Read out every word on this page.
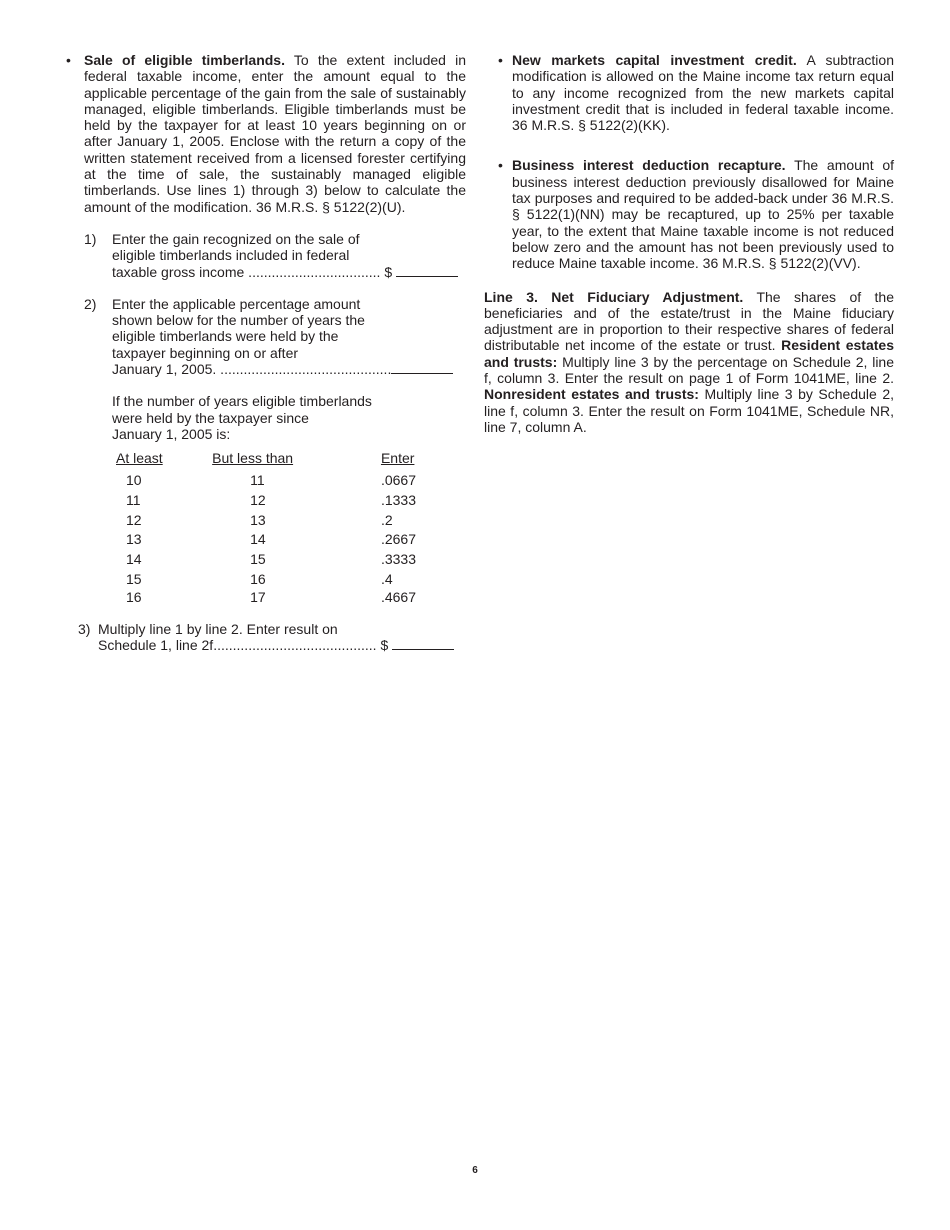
• Sale of eligible timberlands. To the extent included in federal taxable income, enter the amount equal to the applicable percentage of the gain from the sale of sustainably managed, eligible timberlands. Eligible timberlands must be held by the taxpayer for at least 10 years beginning on or after January 1, 2005. Enclose with the return a copy of the written statement received from a licensed forester certifying at the time of sale, the sustainably managed eligible timberlands. Use lines 1) through 3) below to calculate the amount of the modification. 36 M.R.S. § 5122(2)(U).

1) Enter the gain recognized on the sale of
eligible timberlands included in federal
taxable gross income .................................. $
2) Enter the applicable percentage amount
shown below for the number of years the
eligible timberlands were held by the
taxpayer beginning on or after
January 1, 2005. ............................................
If the number of years eligible timberlands
were held by the taxpayer since
January 1, 2005 is:
At least	But less than	Enter
10	11	.0667
11	12	.1333
12	13	.2
13	14	.2667
14	15	.3333
15	16	.4
16	17	.4667
3) Multiply line 1 by line 2. Enter result on
Schedule 1, line 2f.......................................... $
• New markets capital investment credit. A subtraction modification is allowed on the Maine income tax return equal to any income recognized from the new markets capital investment credit that is included in federal taxable income. 36 M.R.S. § 5122(2)(KK).

• Business interest deduction recapture. The amount of business interest deduction previously disallowed for Maine tax purposes and required to be added-back under 36 M.R.S. § 5122(1)(NN) may be recaptured, up to 25% per taxable year, to the extent that Maine taxable income is not reduced below zero and the amount has not been previously used to reduce Maine taxable income. 36 M.R.S. § 5122(2)(VV).

Line 3. Net Fiduciary Adjustment. The shares of the beneficiaries and of the estate/trust in the Maine fiduciary adjustment are in proportion to their respective shares of federal distributable net income of the estate or trust. Resident estates and trusts: Multiply line 3 by the percentage on Schedule 2, line f, column 3. Enter the result on page 1 of Form 1041ME, line 2. Nonresident estates and trusts: Multiply line 3 by Schedule 2, line f, column 3. Enter the result on Form 1041ME, Schedule NR, line 7, column A.

6
